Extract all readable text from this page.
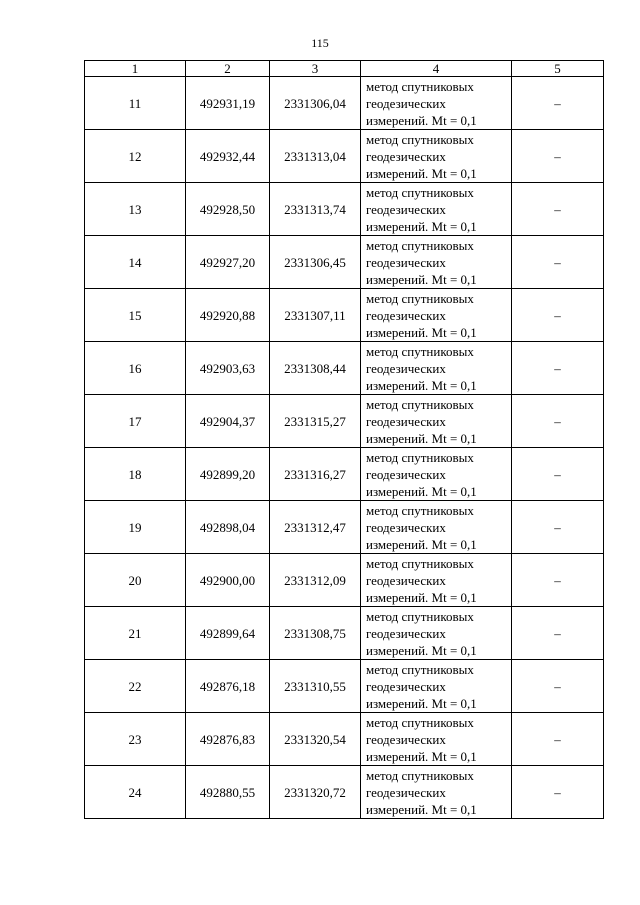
115
1	2	3	4	5
11	492931,19	2331306,04	метод спутниковых
геодезических
измерений. Mt = 0,1	–
12	492932,44	2331313,04	метод спутниковых
геодезических
измерений. Mt = 0,1	–
13	492928,50	2331313,74	метод спутниковых
геодезических
измерений. Mt = 0,1	–
14	492927,20	2331306,45	метод спутниковых
геодезических
измерений. Mt = 0,1	–
15	492920,88	2331307,11	метод спутниковых
геодезических
измерений. Mt = 0,1	–
16	492903,63	2331308,44	метод спутниковых
геодезических
измерений. Mt = 0,1	–
17	492904,37	2331315,27	метод спутниковых
геодезических
измерений. Mt = 0,1	–
18	492899,20	2331316,27	метод спутниковых
геодезических
измерений. Mt = 0,1	–
19	492898,04	2331312,47	метод спутниковых
геодезических
измерений. Mt = 0,1	–
20	492900,00	2331312,09	метод спутниковых
геодезических
измерений. Mt = 0,1	–
21	492899,64	2331308,75	метод спутниковых
геодезических
измерений. Mt = 0,1	–
22	492876,18	2331310,55	метод спутниковых
геодезических
измерений. Mt = 0,1	–
23	492876,83	2331320,54	метод спутниковых
геодезических
измерений. Mt = 0,1	–
24	492880,55	2331320,72	метод спутниковых
геодезических
измерений. Mt = 0,1	–
